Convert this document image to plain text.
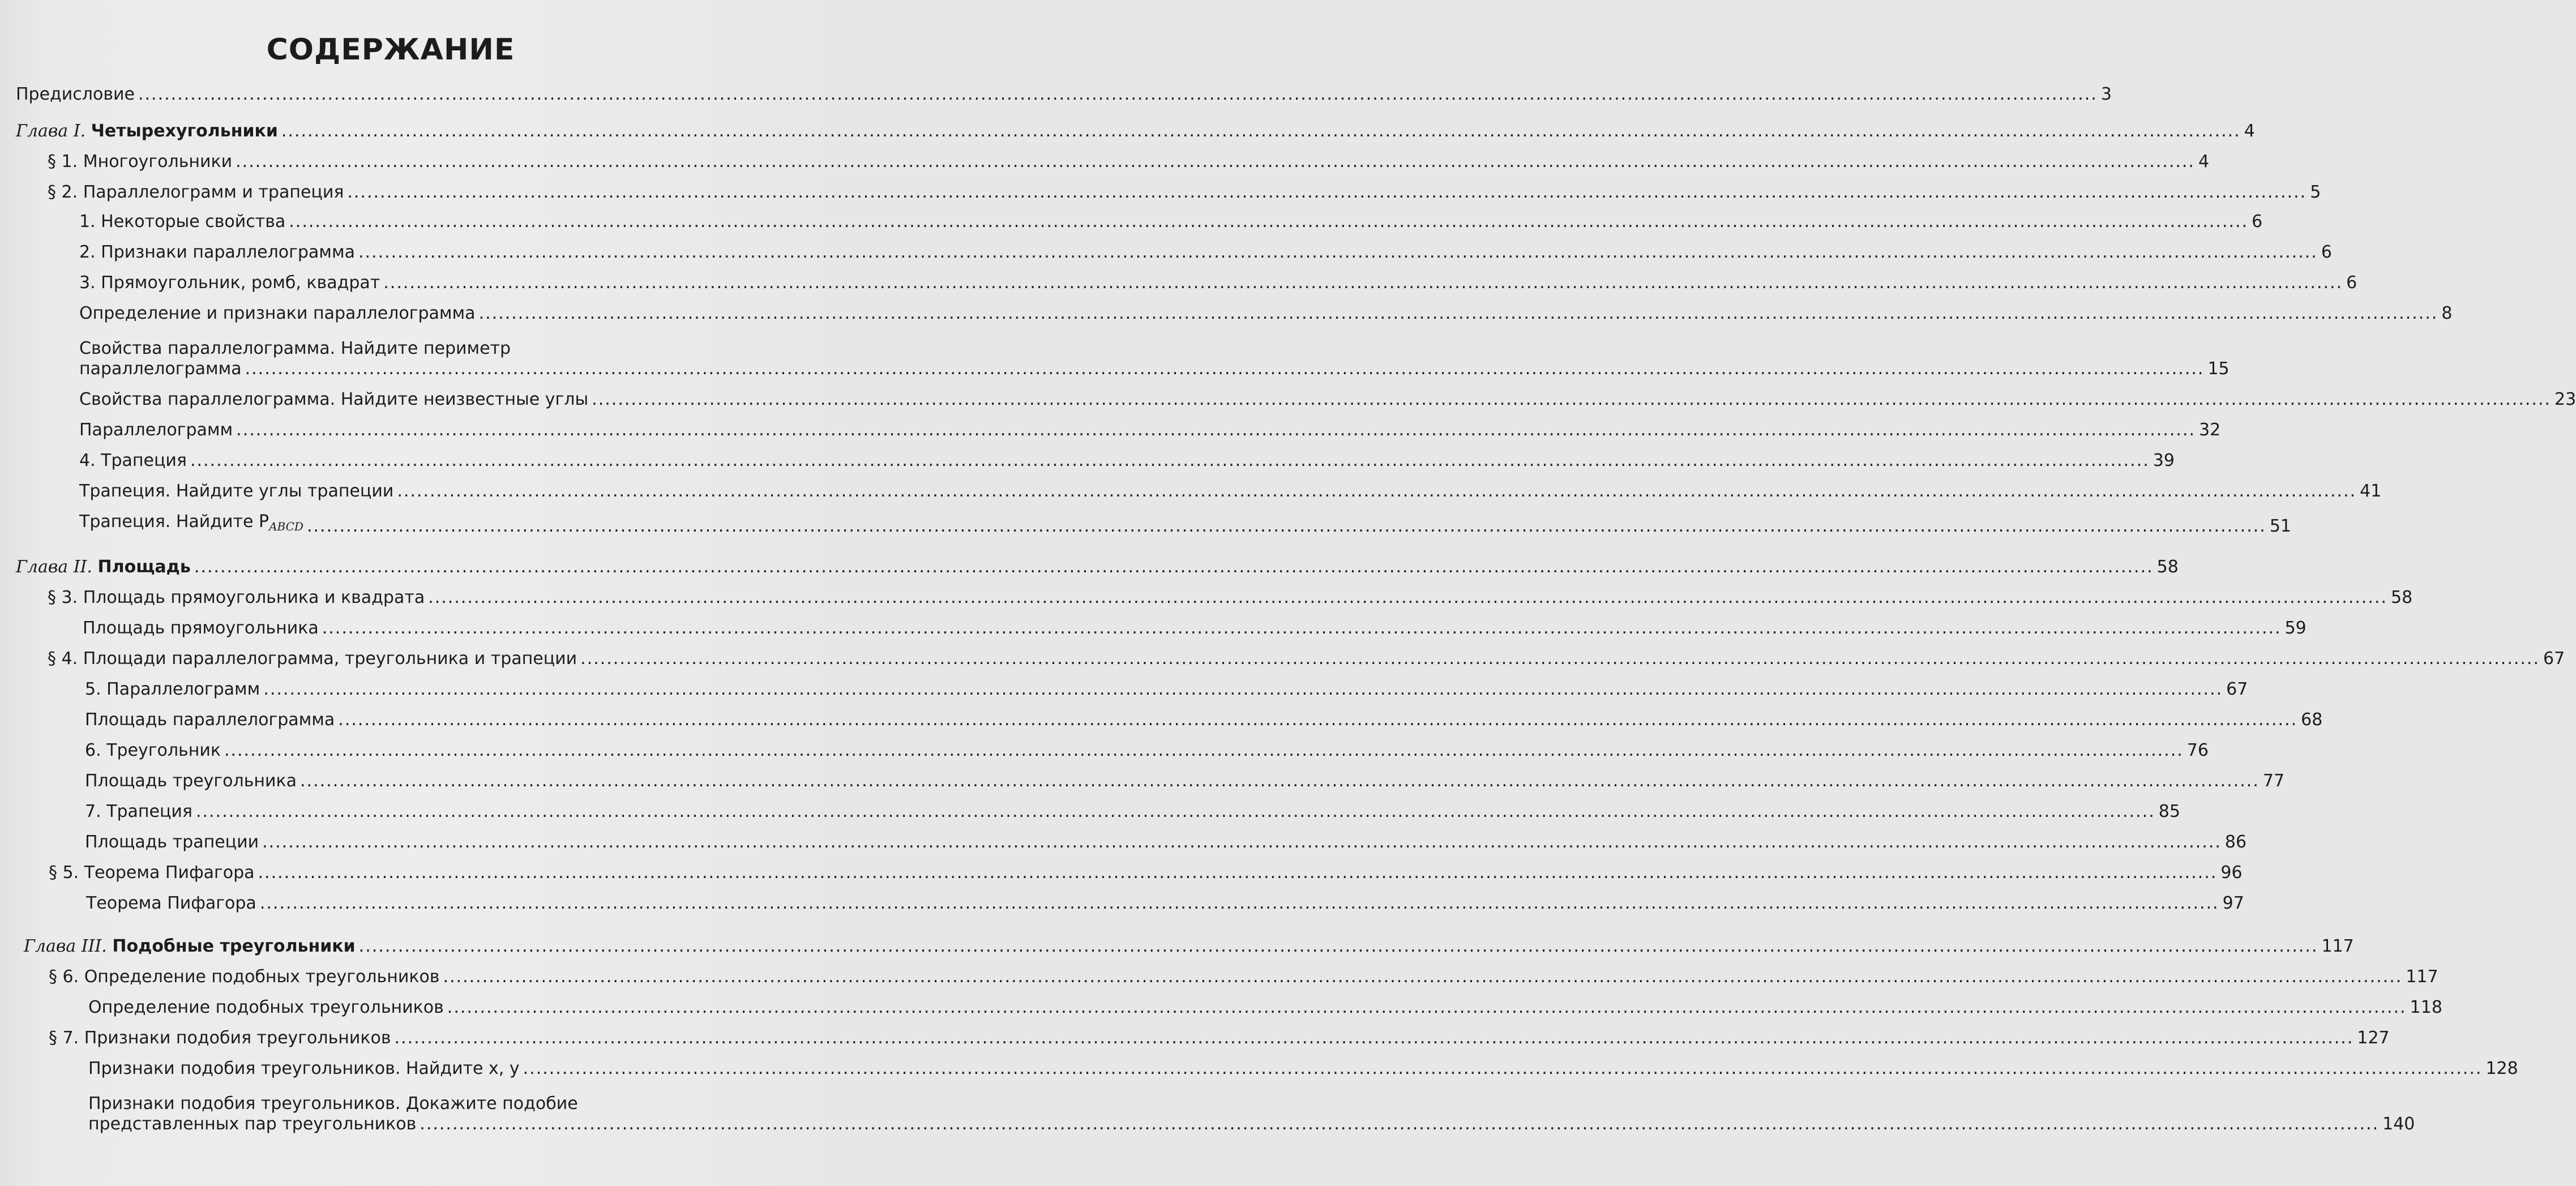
СОДЕРЖАНИЕ
Предисловие ............................................................................................................................................................................................................................................................................................................ 3
Глава I. Четырехугольники ............................................................................................................................................................................................................................................................................................................ 4
§ 1. Многоугольники ............................................................................................................................................................................................................................................................................................................ 4
§ 2. Параллелограмм и трапеция ............................................................................................................................................................................................................................................................................................................ 5
1. Некоторые свойства ............................................................................................................................................................................................................................................................................................................ 6
2. Признаки параллелограмма ............................................................................................................................................................................................................................................................................................................ 6
3. Прямоугольник, ромб, квадрат ............................................................................................................................................................................................................................................................................................................ 6
Определение и признаки параллелограмма ............................................................................................................................................................................................................................................................................................................ 8
Свойства параллелограмма. Найдите периметр
параллелограмма ............................................................................................................................................................................................................................................................................................................ 15
Свойства параллелограмма. Найдите неизвестные углы ............................................................................................................................................................................................................................................................................................................ 23
Параллелограмм ............................................................................................................................................................................................................................................................................................................ 32
4. Трапеция ............................................................................................................................................................................................................................................................................................................ 39
Трапеция. Найдите углы трапеции ............................................................................................................................................................................................................................................................................................................ 41
Трапеция. Найдите $P_{ABCD}$ ............................................................................................................................................................................................................................................................................................................ 51
Глава II. Площадь ............................................................................................................................................................................................................................................................................................................ 58
§ 3. Площадь прямоугольника и квадрата ............................................................................................................................................................................................................................................................................................................ 58
Площадь прямоугольника ............................................................................................................................................................................................................................................................................................................ 59
§ 4. Площади параллелограмма, треугольника и трапеции ............................................................................................................................................................................................................................................................................................................ 67
5. Параллелограмм ............................................................................................................................................................................................................................................................................................................ 67
Площадь параллелограмма ............................................................................................................................................................................................................................................................................................................ 68
6. Треугольник ............................................................................................................................................................................................................................................................................................................ 76
Площадь треугольника ............................................................................................................................................................................................................................................................................................................ 77
7. Трапеция ............................................................................................................................................................................................................................................................................................................ 85
Площадь трапеции ............................................................................................................................................................................................................................................................................................................ 86
§ 5. Теорема Пифагора ............................................................................................................................................................................................................................................................................................................ 96
Теорема Пифагора ............................................................................................................................................................................................................................................................................................................ 97
Глава III. Подобные треугольники ............................................................................................................................................................................................................................................................................................................ 117
§ 6. Определение подобных треугольников ............................................................................................................................................................................................................................................................................................................ 117
Определение подобных треугольников ............................................................................................................................................................................................................................................................................................................ 118
§ 7. Признаки подобия треугольников ............................................................................................................................................................................................................................................................................................................ 127
Признаки подобия треугольников. Найдите x, y ............................................................................................................................................................................................................................................................................................................ 128
Признаки подобия треугольников. Докажите подобие
представленных пар треугольников ............................................................................................................................................................................................................................................................................................................ 140
